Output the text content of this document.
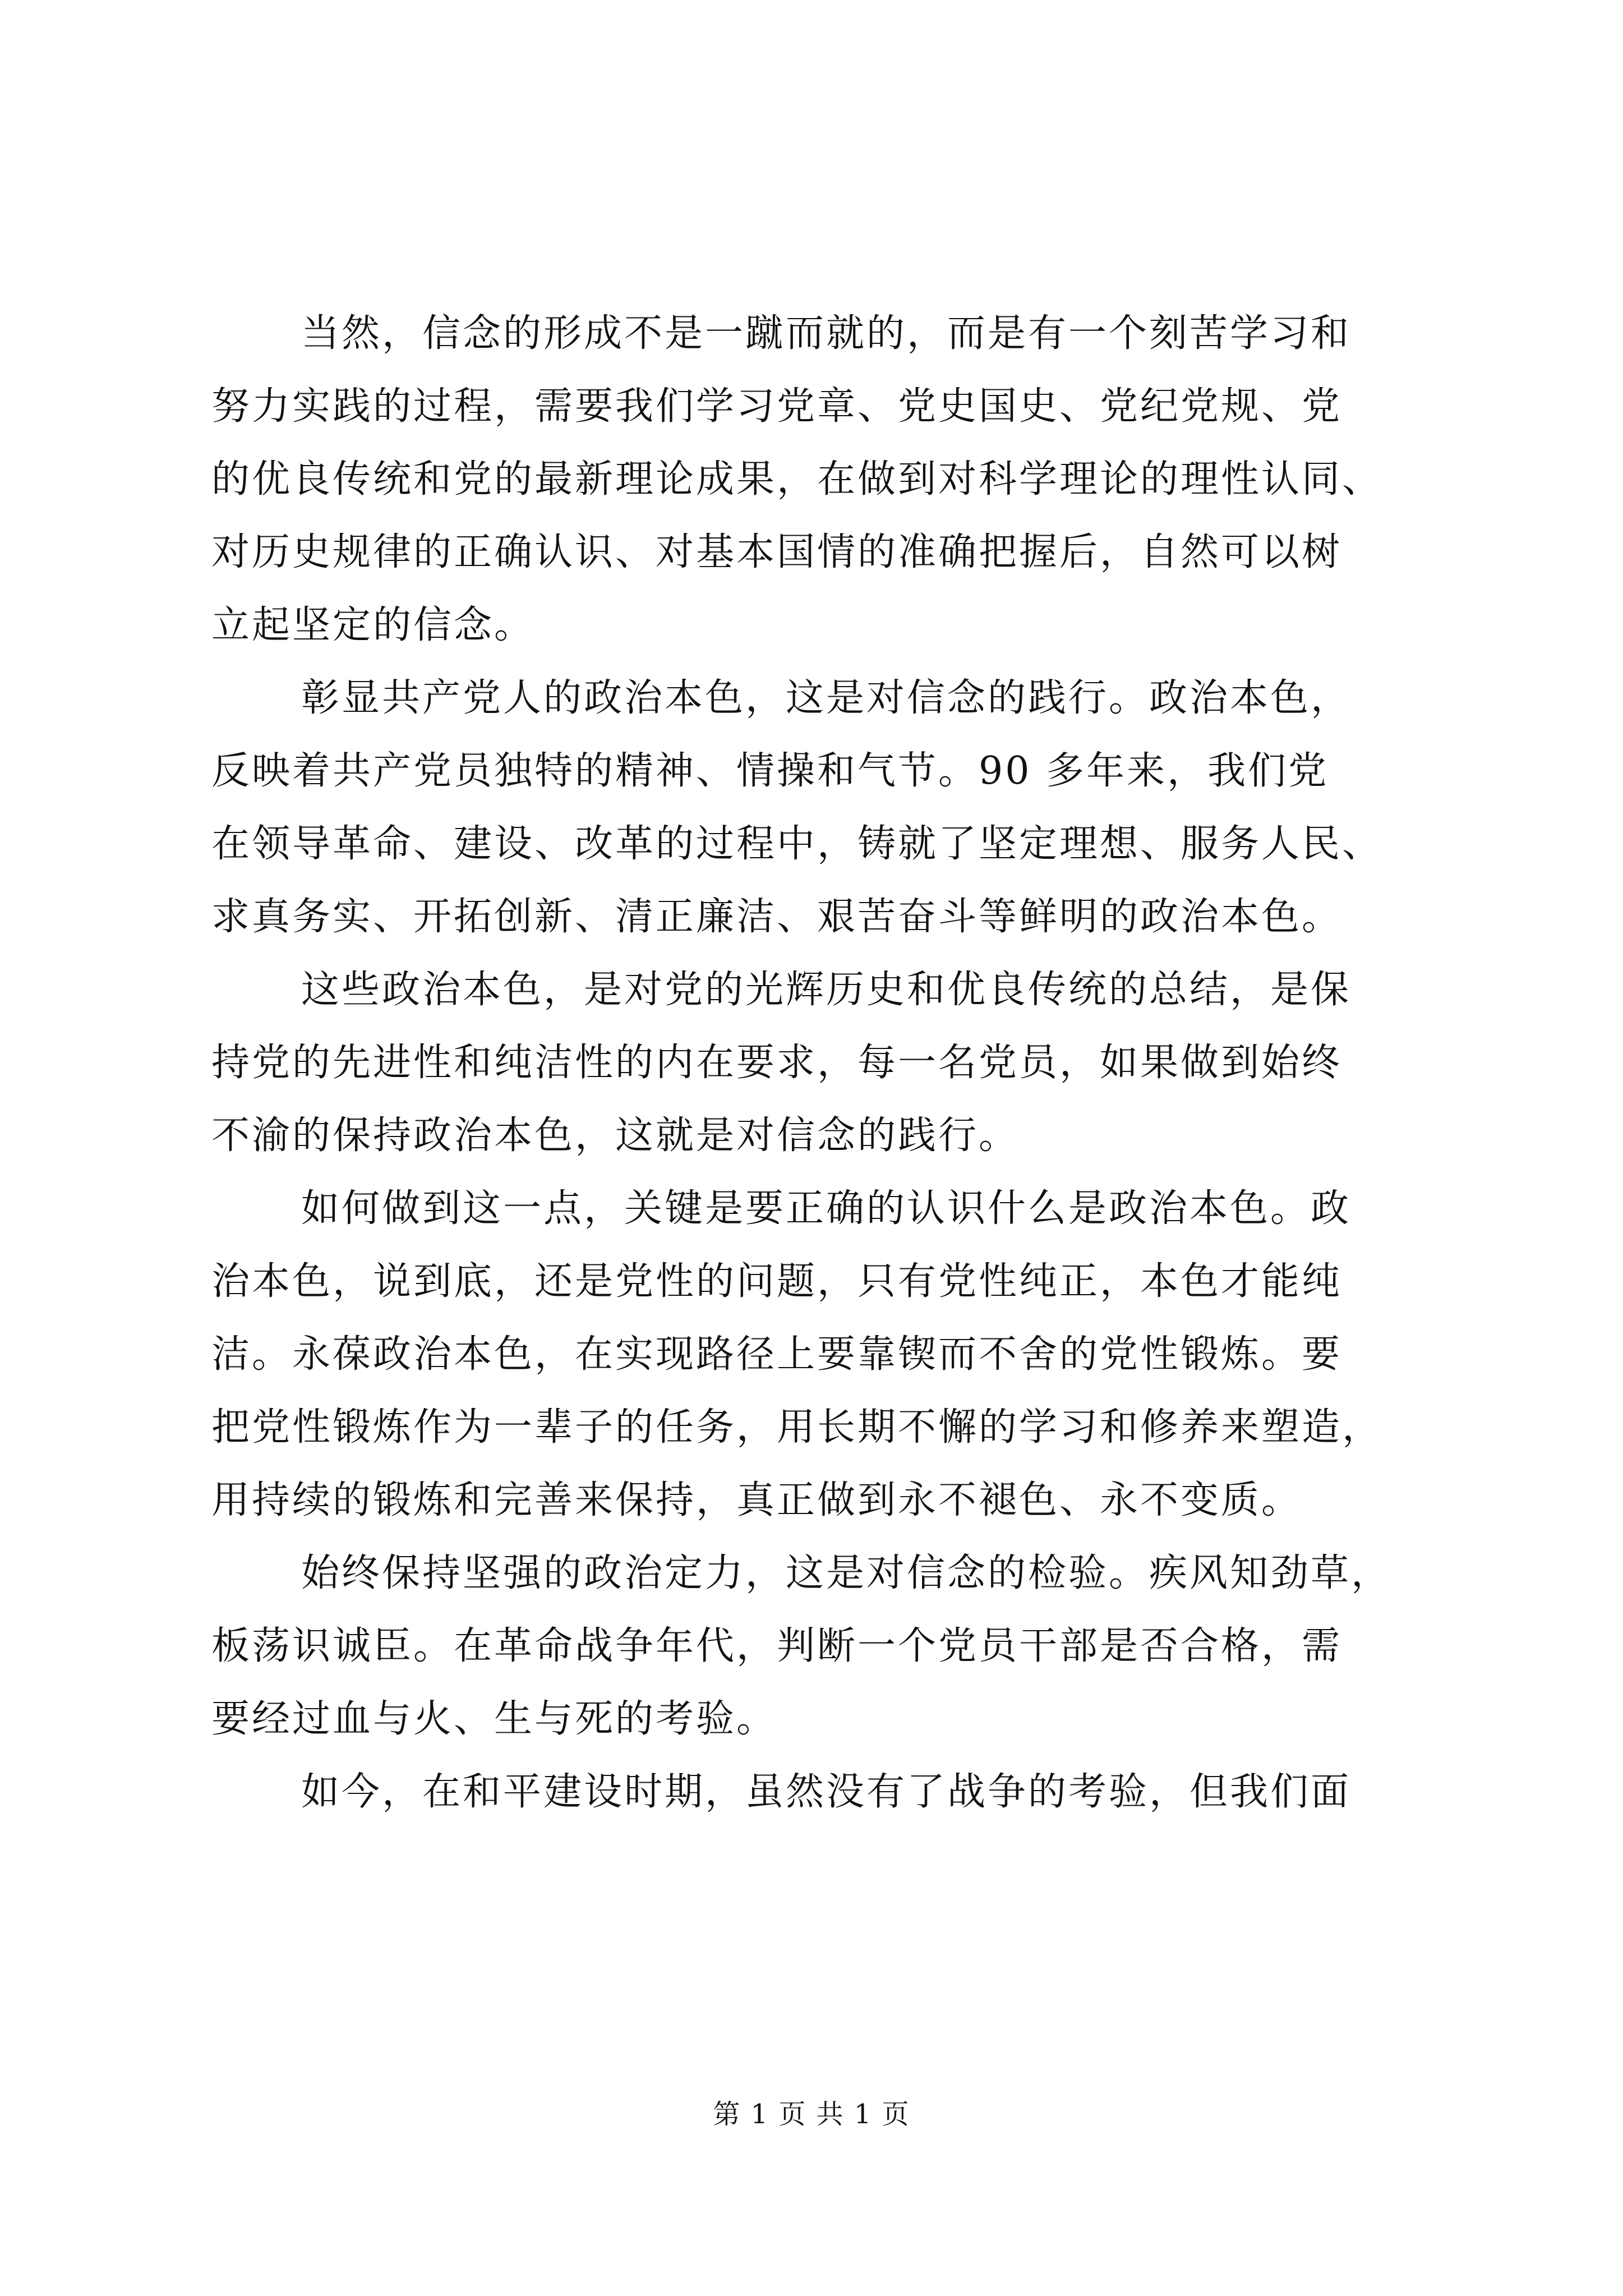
当然，信念的形成不是一蹴而就的，而是有一个刻苦学习和
努力实践的过程，需要我们学习党章、党史国史、党纪党规、党
的优良传统和党的最新理论成果，在做到对科学理论的理性认同、
对历史规律的正确认识、对基本国情的准确把握后，自然可以树
立起坚定的信念。
彰显共产党人的政治本色，这是对信念的践行。政治本色，
反映着共产党员独特的精神、情操和气节。90 多年来，我们党
在领导革命、建设、改革的过程中，铸就了坚定理想、服务人民、
求真务实、开拓创新、清正廉洁、艰苦奋斗等鲜明的政治本色。
这些政治本色，是对党的光辉历史和优良传统的总结，是保
持党的先进性和纯洁性的内在要求，每一名党员，如果做到始终
不渝的保持政治本色，这就是对信念的践行。
如何做到这一点，关键是要正确的认识什么是政治本色。政
治本色，说到底，还是党性的问题，只有党性纯正，本色才能纯
洁。永葆政治本色，在实现路径上要靠锲而不舍的党性锻炼。要
把党性锻炼作为一辈子的任务，用长期不懈的学习和修养来塑造，
用持续的锻炼和完善来保持，真正做到永不褪色、永不变质。
始终保持坚强的政治定力，这是对信念的检验。疾风知劲草，
板荡识诚臣。在革命战争年代，判断一个党员干部是否合格，需
要经过血与火、生与死的考验。
如今，在和平建设时期，虽然没有了战争的考验，但我们面
第 1 页 共 1 页
